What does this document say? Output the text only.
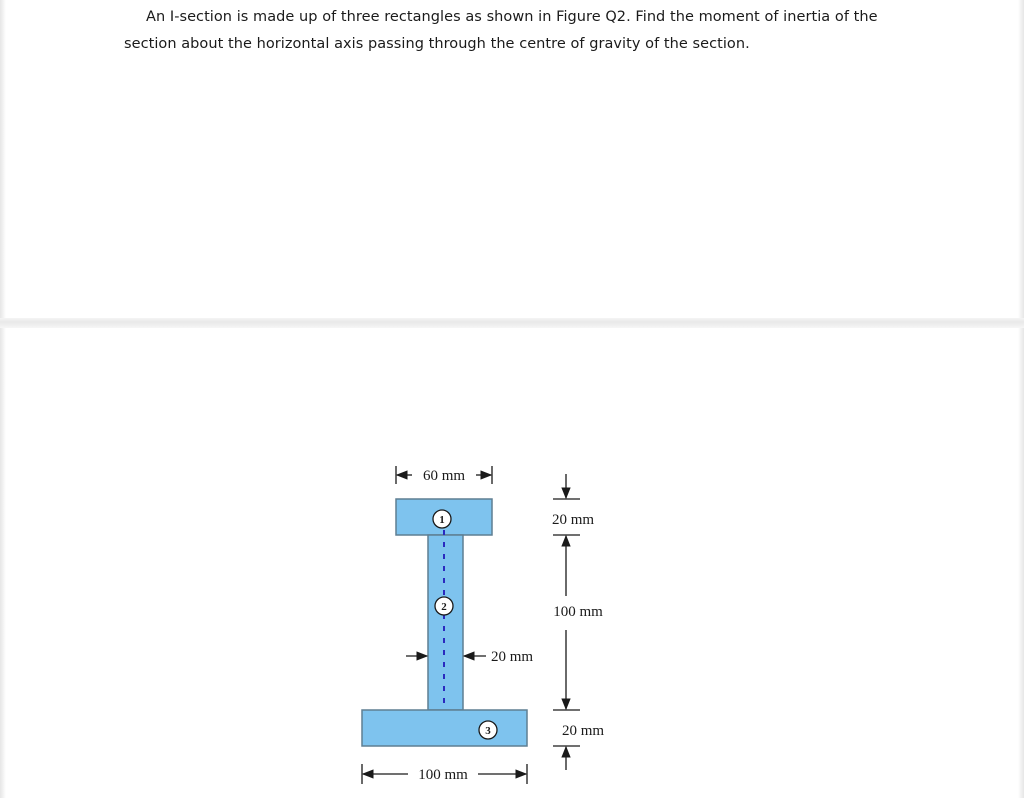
An I-section is made up of three rectangles as shown in Figure Q2. Find the moment of inertia of the
section about the horizontal axis passing through the centre of gravity of the section.
1
2
3
60 mm
20 mm
100 mm
20 mm
20 mm
100 mm
